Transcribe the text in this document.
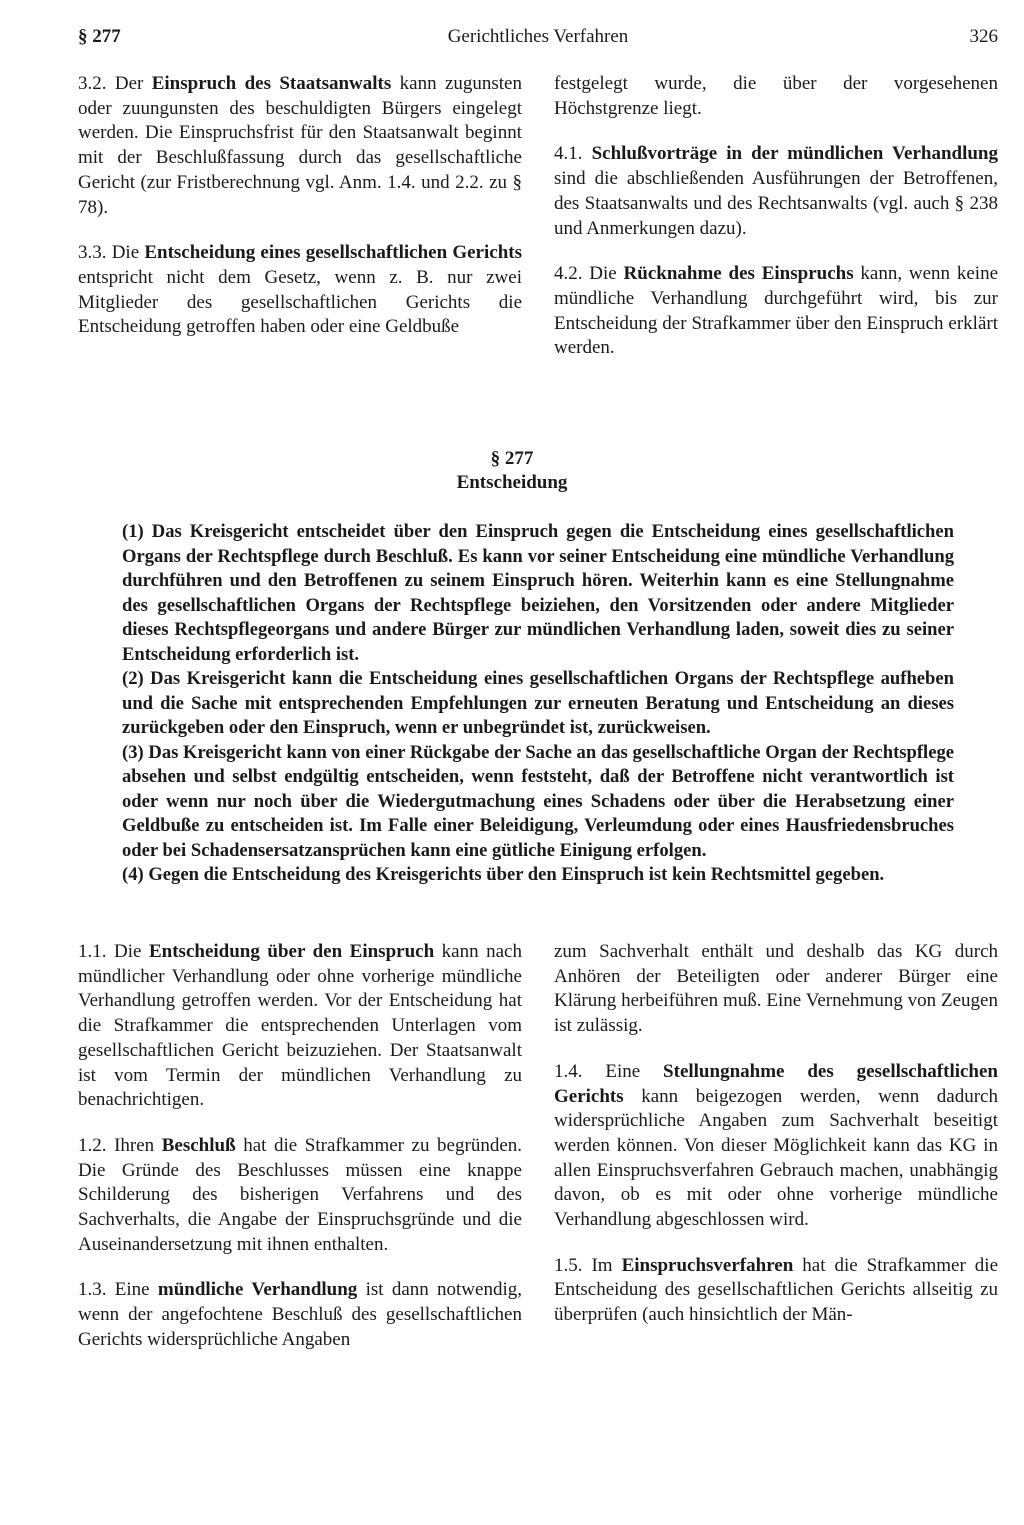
§ 277	Gerichtliches Verfahren	326

3.2. Der Einspruch des Staatsanwalts kann zugunsten oder zuungunsten des beschuldigten Bürgers eingelegt werden. Die Einspruchsfrist für den Staatsanwalt beginnt mit der Beschlußfassung durch das gesellschaftliche Gericht (zur Fristberechnung vgl. Anm. 1.4. und 2.2. zu § 78).

3.3. Die Entscheidung eines gesellschaftlichen Gerichts entspricht nicht dem Gesetz, wenn z. B. nur zwei Mitglieder des gesellschaftlichen Gerichts die Entscheidung getroffen haben oder eine Geldbuße

festgelegt wurde, die über der vorgesehenen Höchstgrenze liegt.

4.1. Schlußvorträge in der mündlichen Verhandlung sind die abschließenden Ausführungen der Betroffenen, des Staatsanwalts und des Rechtsanwalts (vgl. auch § 238 und Anmerkungen dazu).

4.2. Die Rücknahme des Einspruchs kann, wenn keine mündliche Verhandlung durchgeführt wird, bis zur Entscheidung der Strafkammer über den Einspruch erklärt werden.

§ 277
Entscheidung

(1) Das Kreisgericht entscheidet über den Einspruch gegen die Entscheidung eines gesellschaftlichen Organs der Rechtspflege durch Beschluß. Es kann vor seiner Entscheidung eine mündliche Verhandlung durchführen und den Betroffenen zu seinem Einspruch hören. Weiterhin kann es eine Stellungnahme des gesellschaftlichen Organs der Rechtspflege beiziehen, den Vorsitzenden oder andere Mitglieder dieses Rechtspflegeorgans und andere Bürger zur mündlichen Verhandlung laden, soweit dies zu seiner Entscheidung erforderlich ist.

(2) Das Kreisgericht kann die Entscheidung eines gesellschaftlichen Organs der Rechtspflege aufheben und die Sache mit entsprechenden Empfehlungen zur erneuten Beratung und Entscheidung an dieses zurückgeben oder den Einspruch, wenn er unbegründet ist, zurückweisen.

(3) Das Kreisgericht kann von einer Rückgabe der Sache an das gesellschaftliche Organ der Rechtspflege absehen und selbst endgültig entscheiden, wenn feststeht, daß der Betroffene nicht verantwortlich ist oder wenn nur noch über die Wiedergutmachung eines Schadens oder über die Herabsetzung einer Geldbuße zu entscheiden ist. Im Falle einer Beleidigung, Verleumdung oder eines Hausfriedensbruches oder bei Schadensersatzansprüchen kann eine gütliche Einigung erfolgen.

(4) Gegen die Entscheidung des Kreisgerichts über den Einspruch ist kein Rechtsmittel gegeben.

1.1. Die Entscheidung über den Einspruch kann nach mündlicher Verhandlung oder ohne vorherige mündliche Verhandlung getroffen werden. Vor der Entscheidung hat die Strafkammer die entsprechenden Unterlagen vom gesellschaftlichen Gericht beizuziehen. Der Staatsanwalt ist vom Termin der mündlichen Verhandlung zu benachrichtigen.

1.2. Ihren Beschluß hat die Strafkammer zu begründen. Die Gründe des Beschlusses müssen eine knappe Schilderung des bisherigen Verfahrens und des Sachverhalts, die Angabe der Einspruchsgründe und die Auseinandersetzung mit ihnen enthalten.

1.3. Eine mündliche Verhandlung ist dann notwendig, wenn der angefochtene Beschluß des gesellschaftlichen Gerichts widersprüchliche Angaben

zum Sachverhalt enthält und deshalb das KG durch Anhören der Beteiligten oder anderer Bürger eine Klärung herbeiführen muß. Eine Vernehmung von Zeugen ist zulässig.

1.4. Eine Stellungnahme des gesellschaftlichen Gerichts kann beigezogen werden, wenn dadurch widersprüchliche Angaben zum Sachverhalt beseitigt werden können. Von dieser Möglichkeit kann das KG in allen Einspruchsverfahren Gebrauch machen, unabhängig davon, ob es mit oder ohne vorherige mündliche Verhandlung abgeschlossen wird.

1.5. Im Einspruchsverfahren hat die Strafkammer die Entscheidung des gesellschaftlichen Gerichts allseitig zu überprüfen (auch hinsichtlich der Män-
